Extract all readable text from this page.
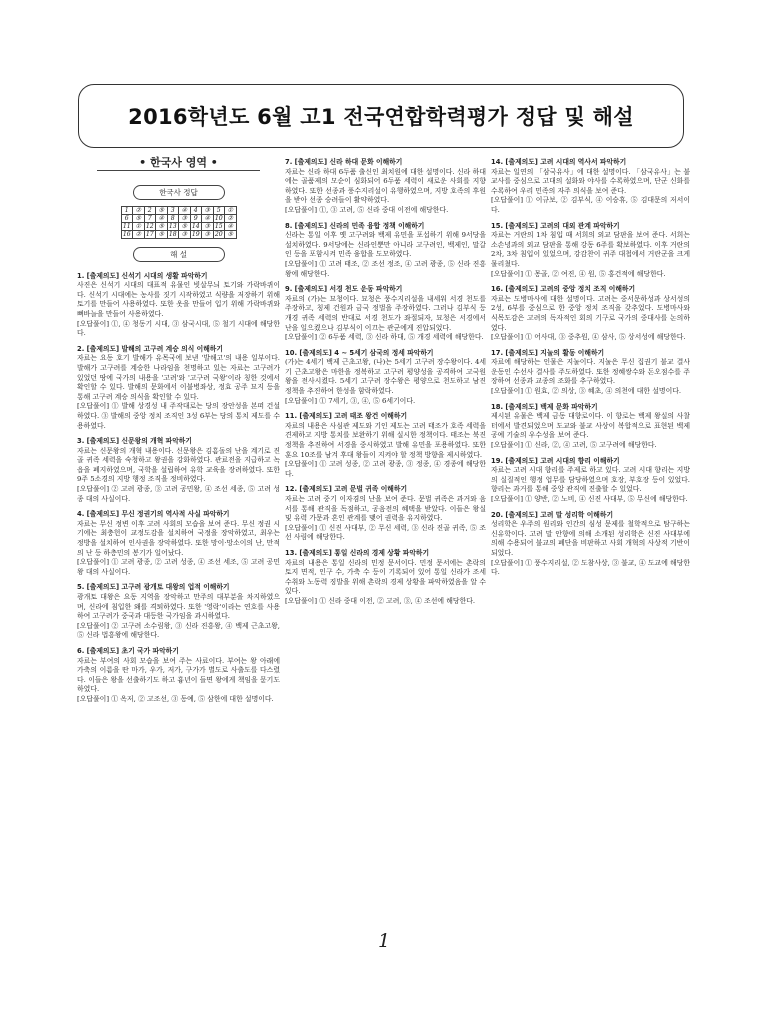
2016학년도 6월 고1 전국연합학력평가 정답 및 해설
• 한국사 영역 •
한국사 정답
1	②	2	⑤	3	④	4	③	5	①
6	⑤	7	④	8	③	9	④	10	②
11	①	12	⑤	13	⑤	14	③	15	④
16	②	17	⑤	18	③	19	③	20	⑤
해 설
1. [출제의도] 신석기 시대의 생활 파악하기
사진은 신석기 시대의 대표적 유물인 빗살무늬 토기와 가락바퀴이다. 신석기 시대에는 농사를 짓기 시작하였고 식량을 저장하기 위해 토기를 만들어 사용하였다. 또한 옷을 만들어 입기 위해 가락바퀴와 뼈바늘을 만들어 사용하였다.
[오답풀이] ①, ④ 청동기 시대, ③ 삼국시대, ⑤ 철기 시대에 해당한다.
2. [출제의도] 발해의 고구려 계승 의식 이해하기
자료는 요동 호기 발해가 유목국에 보낸 '발해고'의 내용 일부이다. 발해가 고구려를 계승한 나라임을 천명하고 있는 자료는 고구려가 있었던 땅에 국가의 내용을 '고려'와 '고구려 국왕'이라 칭한 것에서 확인할 수 있다. 발해의 문화에서 이불병좌상, 정효 공주 묘지 등을 통해 고구려 계승 의식을 확인할 수 있다.
[오답풀이] ① 발해 상경성 내 주작대로는 당의 장안성을 본떠 건설하였다. ③ 발해의 중앙 정치 조직인 3성 6부는 당의 통치 제도를 수용하였다.
3. [출제의도] 신문왕의 개혁 파악하기
자료는 신문왕의 개혁 내용이다. 신문왕은 김흠돌의 난을 계기로 진골 귀족 세력을 숙청하고 왕권을 강화하였다. 관료전을 지급하고 녹읍을 폐지하였으며, 국학을 설립하여 유학 교육을 장려하였다. 또한 9주 5소경의 지방 행정 조직을 정비하였다.
[오답풀이] ② 고려 광종, ③ 고려 공민왕, ④ 조선 세종, ⑤ 고려 성종 대의 사실이다.
4. [출제의도] 무신 정권기의 역사적 사실 파악하기
자료는 무신 정변 이후 고려 사회의 모습을 보여 준다. 무신 정권 시기에는 최충헌이 교정도감을 설치하여 국정을 장악하였고, 최우는 정방을 설치하여 인사권을 장악하였다. 또한 망이·망소이의 난, 만적의 난 등 하층민의 봉기가 일어났다.
[오답풀이] ① 고려 광종, ② 고려 성종, ④ 조선 세조, ⑤ 고려 공민왕 대의 사실이다.
5. [출제의도] 고구려 광개토 대왕의 업적 이해하기
광개토 대왕은 요동 지역을 장악하고 만주의 대부분을 차지하였으며, 신라에 침입한 왜를 격퇴하였다. 또한 '영락'이라는 연호를 사용하여 고구려가 중국과 대등한 국가임을 과시하였다.
[오답풀이] ② 고구려 소수림왕, ③ 신라 진흥왕, ④ 백제 근초고왕, ⑤ 신라 법흥왕에 해당한다.
6. [출제의도] 초기 국가 파악하기
자료는 부여의 사회 모습을 보여 주는 사료이다. 부여는 왕 아래에 가축의 이름을 딴 마가, 우가, 저가, 구가가 별도로 사출도를 다스렸다. 이들은 왕을 선출하기도 하고 흉년이 들면 왕에게 책임을 묻기도 하였다.
[오답풀이] ① 옥저, ② 고조선, ③ 동예, ⑤ 삼한에 대한 설명이다.
7. [출제의도] 신라 하대 문화 이해하기
자료는 신라 하대 6두품 출신인 최치원에 대한 설명이다. 신라 하대에는 골품제의 모순이 심화되어 6두품 세력이 새로운 사회를 지향하였다. 또한 선종과 풍수지리설이 유행하였으며, 지방 호족의 후원을 받아 선종 승려들이 활약하였다.
[오답풀이] ①, ③ 고려, ⑤ 신라 중대 이전에 해당한다.
8. [출제의도] 신라의 민족 융합 정책 이해하기
신라는 통일 이후 옛 고구려와 백제 유민을 포섭하기 위해 9서당을 설치하였다. 9서당에는 신라인뿐만 아니라 고구려인, 백제인, 말갈인 등을 포함시켜 민족 융합을 도모하였다.
[오답풀이] ① 고려 태조, ② 조선 정조, ④ 고려 광종, ⑤ 신라 진흥왕에 해당한다.
9. [출제의도] 서경 천도 운동 파악하기
자료의 (가)는 묘청이다. 묘청은 풍수지리설을 내세워 서경 천도를 주장하고, 칭제 건원과 금국 정벌을 주장하였다. 그러나 김부식 등 개경 귀족 세력의 반대로 서경 천도가 좌절되자, 묘청은 서경에서 난을 일으켰으나 김부식이 이끄는 관군에게 진압되었다.
[오답풀이] ② 6두품 세력, ③ 신라 하대, ⑤ 개경 세력에 해당한다.
10. [출제의도] 4 ~ 5세기 삼국의 정세 파악하기
(가)는 4세기 백제 근초고왕, (나)는 5세기 고구려 장수왕이다. 4세기 근초고왕은 마한을 정복하고 고구려 평양성을 공격하여 고국원왕을 전사시켰다. 5세기 고구려 장수왕은 평양으로 천도하고 남진 정책을 추진하여 한성을 함락하였다.
[오답풀이] ① 7세기, ③, ④, ⑤ 6세기이다.
11. [출제의도] 고려 태조 왕건 이해하기
자료의 내용은 사심관 제도와 기인 제도는 고려 태조가 호족 세력을 견제하고 지방 통치를 보완하기 위해 실시한 정책이다. 태조는 북진 정책을 추진하여 서경을 중시하였고 발해 유민을 포용하였다. 또한 훈요 10조를 남겨 후대 왕들이 지켜야 할 정책 방향을 제시하였다.
[오답풀이] ① 고려 성종, ② 고려 광종, ③ 정종, ④ 경종에 해당한다.
12. [출제의도] 고려 문벌 귀족 이해하기
자료는 고려 중기 이자겸의 난을 보여 준다. 문벌 귀족은 과거와 음서를 통해 관직을 독점하고, 공음전의 혜택을 받았다. 이들은 왕실 및 유력 가문과 혼인 관계를 맺어 권력을 유지하였다.
[오답풀이] ① 신진 사대부, ② 무신 세력, ③ 신라 진골 귀족, ⑤ 조선 사림에 해당한다.
13. [출제의도] 통일 신라의 경제 상황 파악하기
자료의 내용은 통일 신라의 민정 문서이다. 민정 문서에는 촌락의 토지 면적, 인구 수, 가축 수 등이 기록되어 있어 통일 신라가 조세 수취와 노동력 징발을 위해 촌락의 경제 상황을 파악하였음을 알 수 있다.
[오답풀이] ① 신라 중대 이전, ② 고려, ③, ④ 조선에 해당한다.
14. [출제의도] 고려 시대의 역사서 파악하기
자료는 일연의 「삼국유사」에 대한 설명이다. 「삼국유사」는 불교사를 중심으로 고대의 설화와 야사를 수록하였으며, 단군 신화를 수록하여 우리 민족의 자주 의식을 보여 준다.
[오답풀이] ① 이규보, ② 김부식, ④ 이승휴, ⑤ 김대문의 저서이다.
15. [출제의도] 고려의 대외 관계 파악하기
자료는 거란의 1차 침입 때 서희의 외교 담판을 보여 준다. 서희는 소손녕과의 외교 담판을 통해 강동 6주를 확보하였다. 이후 거란의 2차, 3차 침입이 있었으며, 강감찬이 귀주 대첩에서 거란군을 크게 물리쳤다.
[오답풀이] ① 몽골, ② 여진, ④ 원, ⑤ 홍건적에 해당한다.
16. [출제의도] 고려의 중앙 정치 조직 이해하기
자료는 도병마사에 대한 설명이다. 고려는 중서문하성과 상서성의 2성, 6부를 중심으로 한 중앙 정치 조직을 갖추었다. 도병마사와 식목도감은 고려의 독자적인 회의 기구로 국가의 중대사를 논의하였다.
[오답풀이] ① 어사대, ③ 중추원, ④ 삼사, ⑤ 상서성에 해당한다.
17. [출제의도] 지눌의 활동 이해하기
자료에 해당하는 인물은 지눌이다. 지눌은 무신 집권기 불교 결사 운동인 수선사 결사를 주도하였다. 또한 정혜쌍수와 돈오점수를 주장하여 선종과 교종의 조화를 추구하였다.
[오답풀이] ① 원효, ② 의상, ③ 혜초, ④ 의천에 대한 설명이다.
18. [출제의도] 백제 문화 파악하기
제시된 유물은 백제 금동 대향로이다. 이 향로는 백제 왕실의 사찰 터에서 발견되었으며 도교와 불교 사상이 복합적으로 표현된 백제 공예 기술의 우수성을 보여 준다.
[오답풀이] ① 신라, ②, ④ 고려, ⑤ 고구려에 해당한다.
19. [출제의도] 고려 시대의 향리 이해하기
자료는 고려 시대 향리를 주제로 하고 있다. 고려 시대 향리는 지방의 실질적인 행정 업무를 담당하였으며 호장, 부호장 등이 있었다. 향리는 과거를 통해 중앙 관직에 진출할 수 있었다.
[오답풀이] ① 양반, ② 노비, ④ 신진 사대부, ⑤ 무신에 해당한다.
20. [출제의도] 고려 말 성리학 이해하기
성리학은 우주의 원리와 인간의 심성 문제를 철학적으로 탐구하는 신유학이다. 고려 말 안향에 의해 소개된 성리학은 신진 사대부에 의해 수용되어 불교의 폐단을 비판하고 사회 개혁의 사상적 기반이 되었다.
[오답풀이] ① 풍수지리설, ② 도참사상, ③ 불교, ④ 도교에 해당한다.
1
